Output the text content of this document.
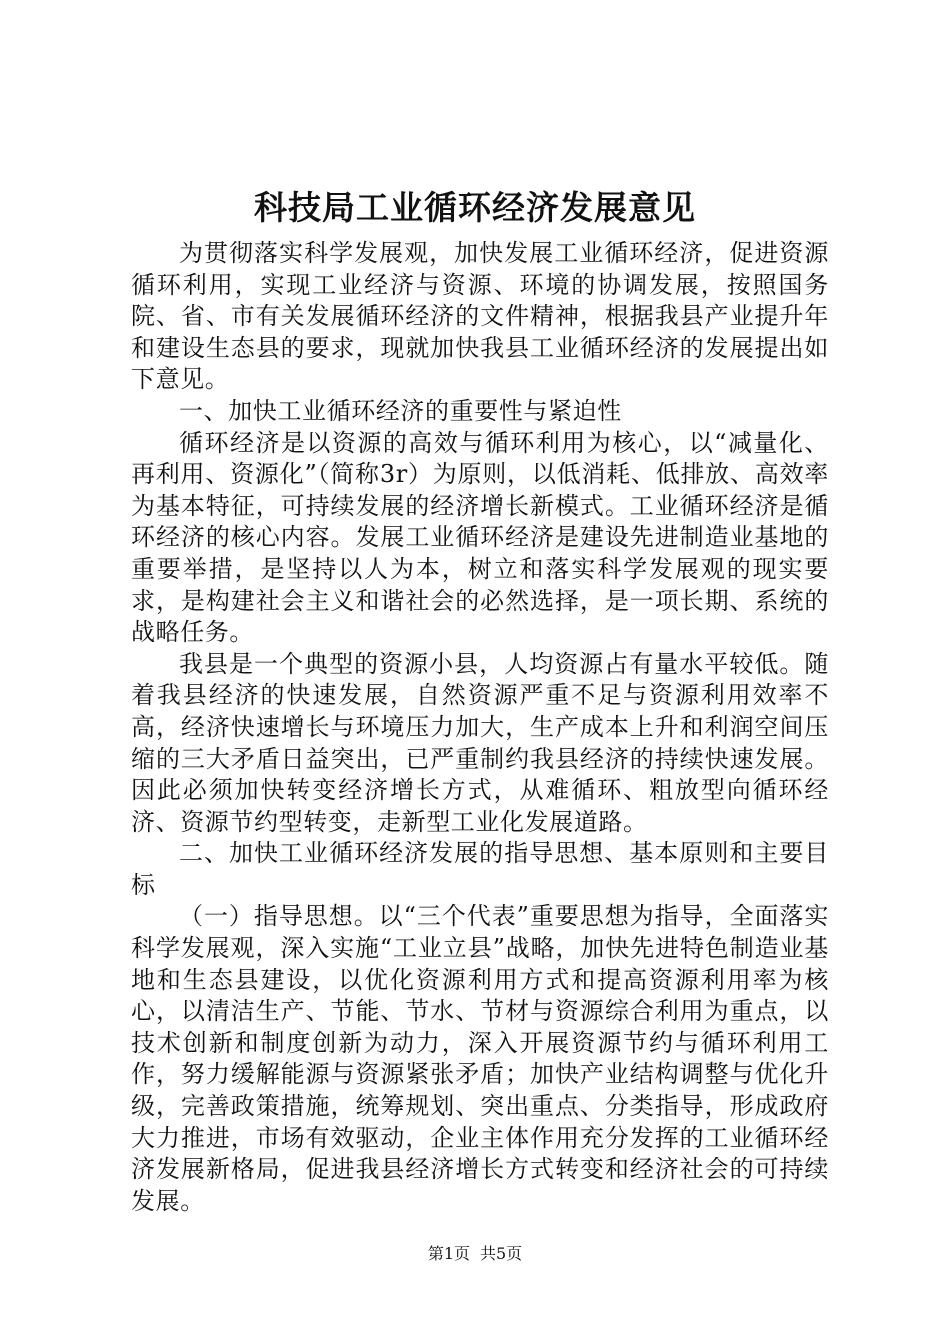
科技局工业循环经济发展意见

为贯彻落实科学发展观，加快发展工业循环经济，促进资源循环利用，实现工业经济与资源、环境的协调发展，按照国务院、省、市有关发展循环经济的文件精神，根据我县产业提升年和建设生态县的要求，现就加快我县工业循环经济的发展提出如下意见。

一、加快工业循环经济的重要性与紧迫性

循环经济是以资源的高效与循环利用为核心，以“减量化、再利用、资源化”（简称3r）为原则，以低消耗、低排放、高效率为基本特征，可持续发展的经济增长新模式。工业循环经济是循环经济的核心内容。发展工业循环经济是建设先进制造业基地的重要举措，是坚持以人为本，树立和落实科学发展观的现实要求，是构建社会主义和谐社会的必然选择，是一项长期、系统的战略任务。

我县是一个典型的资源小县，人均资源占有量水平较低。随着我县经济的快速发展，自然资源严重不足与资源利用效率不高，经济快速增长与环境压力加大，生产成本上升和利润空间压缩的三大矛盾日益突出，已严重制约我县经济的持续快速发展。因此必须加快转变经济增长方式，从难循环、粗放型向循环经济、资源节约型转变，走新型工业化发展道路。

二、加快工业循环经济发展的指导思想、基本原则和主要目标

（一）指导思想。以“三个代表”重要思想为指导，全面落实科学发展观，深入实施“工业立县”战略，加快先进特色制造业基地和生态县建设，以优化资源利用方式和提高资源利用率为核心，以清洁生产、节能、节水、节材与资源综合利用为重点，以技术创新和制度创新为动力，深入开展资源节约与循环利用工作，努力缓解能源与资源紧张矛盾；加快产业结构调整与优化升级，完善政策措施，统筹规划、突出重点、分类指导，形成政府大力推进，市场有效驱动，企业主体作用充分发挥的工业循环经济发展新格局，促进我县经济增长方式转变和经济社会的可持续发展。

第1页 共5页
